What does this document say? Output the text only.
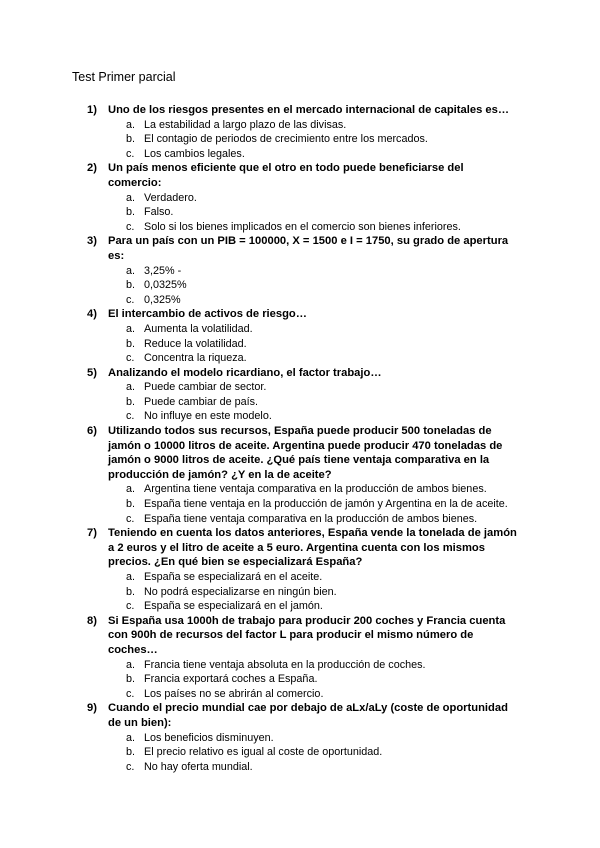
Test Primer parcial
1) Uno de los riesgos presentes en el mercado internacional de capitales es…
a. La estabilidad a largo plazo de las divisas.
b. El contagio de periodos de crecimiento entre los mercados.
c. Los cambios legales.
2) Un país menos eficiente que el otro en todo puede beneficiarse del comercio:
a. Verdadero.
b. Falso.
c. Solo si los bienes implicados en el comercio son bienes inferiores.
3) Para un país con un PIB = 100000, X = 1500 e I = 1750, su grado de apertura es:
a. 3,25% -
b. 0,0325%
c. 0,325%
4) El intercambio de activos de riesgo…
a. Aumenta la volatilidad.
b. Reduce la volatilidad.
c. Concentra la riqueza.
5) Analizando el modelo ricardiano, el factor trabajo…
a. Puede cambiar de sector.
b. Puede cambiar de país.
c. No influye en este modelo.
6) Utilizando todos sus recursos, España puede producir 500 toneladas de jamón o 10000 litros de aceite. Argentina puede producir 470 toneladas de jamón o 9000 litros de aceite. ¿Qué país tiene ventaja comparativa en la producción de jamón? ¿Y en la de aceite?
a. Argentina tiene ventaja comparativa en la producción de ambos bienes.
b. España tiene ventaja en la producción de jamón y Argentina en la de aceite.
c. España tiene ventaja comparativa en la producción de ambos bienes.
7) Teniendo en cuenta los datos anteriores, España vende la tonelada de jamón a 2 euros y el litro de aceite a 5 euro. Argentina cuenta con los mismos precios. ¿En qué bien se especializará España?
a. España se especializará en el aceite.
b. No podrá especializarse en ningún bien.
c. España se especializará en el jamón.
8) Si España usa 1000h de trabajo para producir 200 coches y Francia cuenta con 900h de recursos del factor L para producir el mismo número de coches…
a. Francia tiene ventaja absoluta en la producción de coches.
b. Francia exportará coches a España.
c. Los países no se abrirán al comercio.
9) Cuando el precio mundial cae por debajo de aLx/aLy (coste de oportunidad de un bien):
a. Los beneficios disminuyen.
b. El precio relativo es igual al coste de oportunidad.
c. No hay oferta mundial.
